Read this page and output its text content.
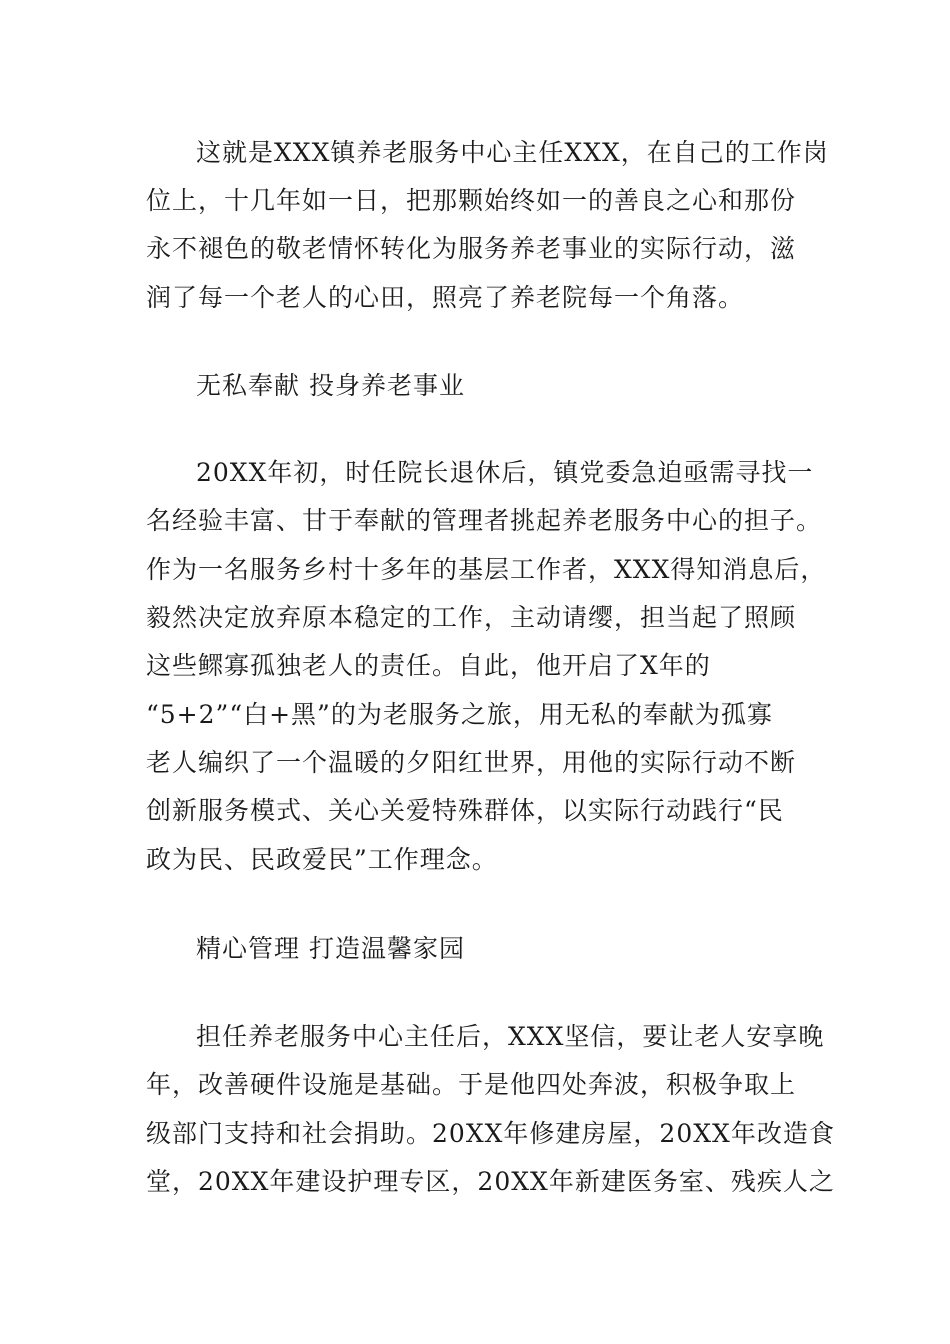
这就是XXX镇养老服务中心主任XXX，在自己的工作岗
位上，十几年如一日，把那颗始终如一的善良之心和那份
永不褪色的敬老情怀转化为服务养老事业的实际行动，滋
润了每一个老人的心田，照亮了养老院每一个角落。
无私奉献 投身养老事业
20XX年初，时任院长退休后，镇党委急迫亟需寻找一
名经验丰富、甘于奉献的管理者挑起养老服务中心的担子。
作为一名服务乡村十多年的基层工作者，XXX得知消息后，
毅然决定放弃原本稳定的工作，主动请缨，担当起了照顾
这些鳏寡孤独老人的责任。自此，他开启了X年的
“5+2”“白+黑”的为老服务之旅，用无私的奉献为孤寡
老人编织了一个温暖的夕阳红世界，用他的实际行动不断
创新服务模式、关心关爱特殊群体，以实际行动践行“民
政为民、民政爱民”工作理念。
精心管理 打造温馨家园
担任养老服务中心主任后，XXX坚信，要让老人安享晚
年，改善硬件设施是基础。于是他四处奔波，积极争取上
级部门支持和社会捐助。20XX年修建房屋，20XX年改造食
堂，20XX年建设护理专区，20XX年新建医务室、残疾人之
